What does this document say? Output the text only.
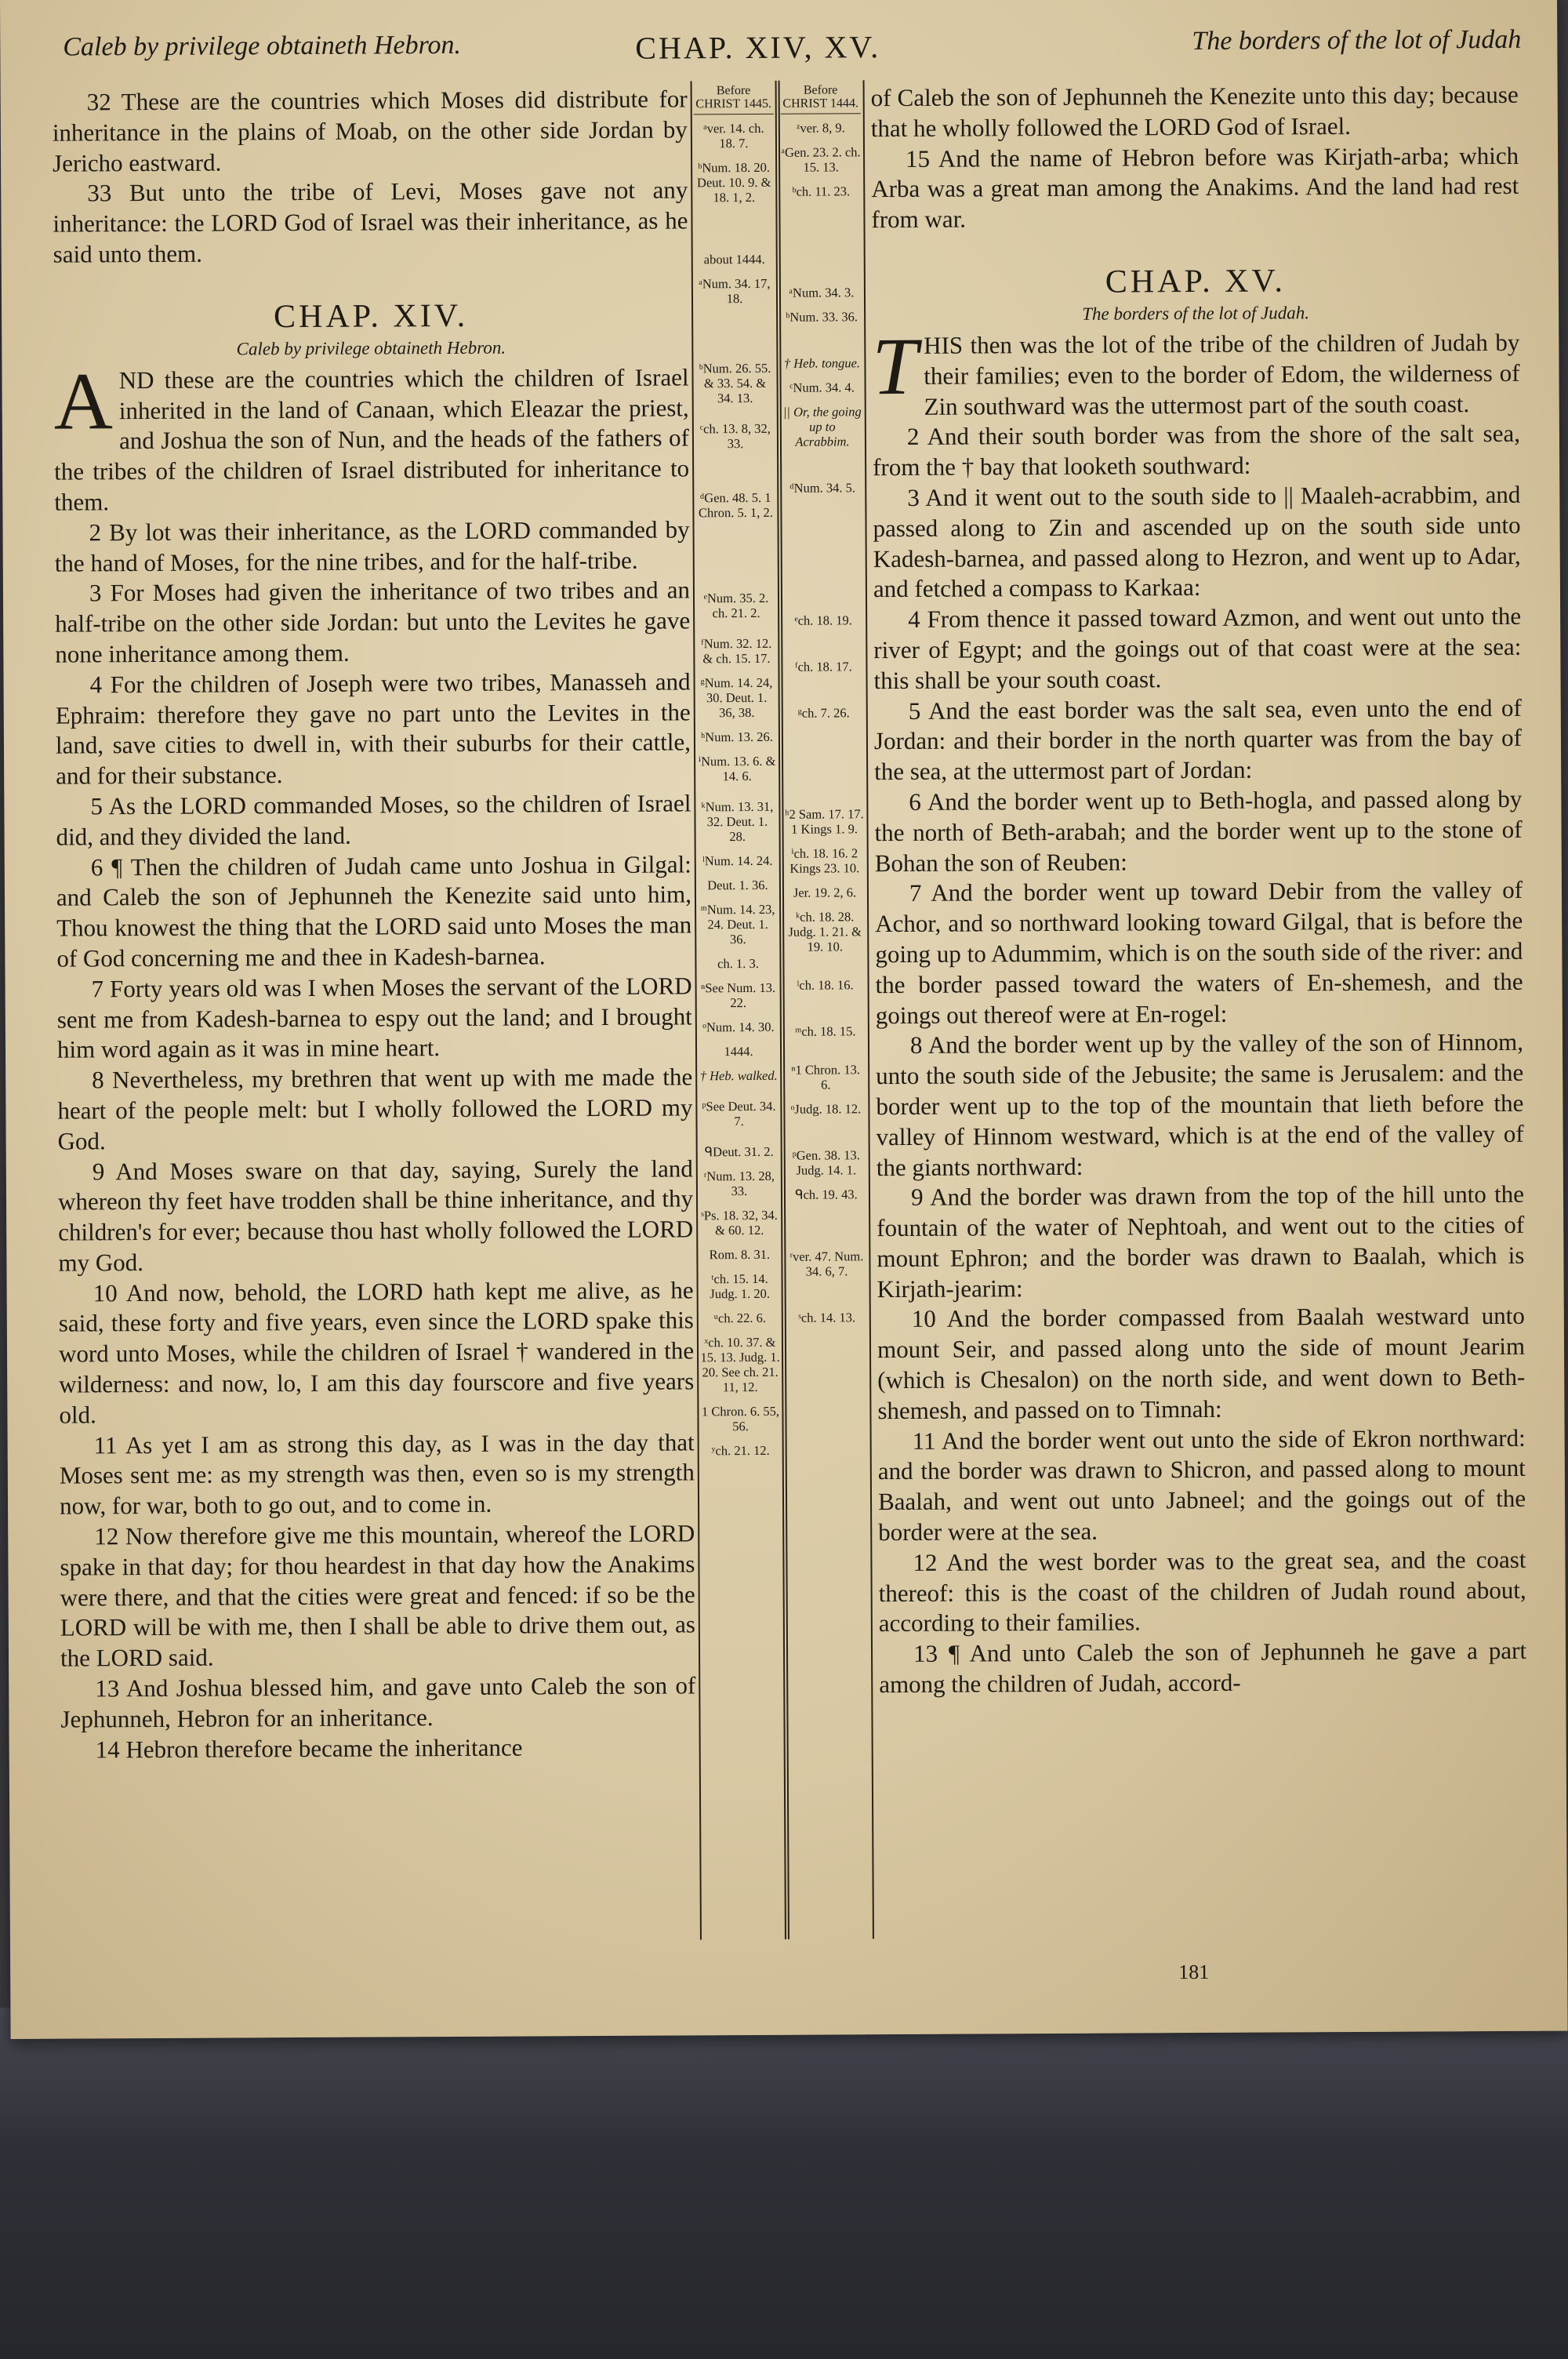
Caleb by privilege obtaineth Hebron.	CHAP. XIV, XV.	The borders of the lot of Judah

32 These are the countries which Moses did distribute for inheritance in the plains of Moab, on the other side Jordan by Jericho eastward.

33 But unto the tribe of Levi, Moses gave not any inheritance: the LORD God of Israel was their inheritance, as he said unto them.

CHAP. XIV.
Caleb by privilege obtaineth Hebron.

AND these are the countries which the children of Israel inherited in the land of Canaan, which Eleazar the priest, and Joshua the son of Nun, and the heads of the fathers of the tribes of the children of Israel distributed for inheritance to them.

2 By lot was their inheritance, as the LORD commanded by the hand of Moses, for the nine tribes, and for the half-tribe.

3 For Moses had given the inheritance of two tribes and an half-tribe on the other side Jordan: but unto the Levites he gave none inheritance among them.

4 For the children of Joseph were two tribes, Manasseh and Ephraim: therefore they gave no part unto the Levites in the land, save cities to dwell in, with their suburbs for their cattle, and for their substance.

5 As the LORD commanded Moses, so the children of Israel did, and they divided the land.

6 ¶ Then the children of Judah came unto Joshua in Gilgal: and Caleb the son of Jephunneh the Kenezite said unto him, Thou knowest the thing that the LORD said unto Moses the man of God concerning me and thee in Kadesh-barnea.

7 Forty years old was I when Moses the servant of the LORD sent me from Kadesh-barnea to espy out the land; and I brought him word again as it was in mine heart.

8 Nevertheless, my brethren that went up with me made the heart of the people melt: but I wholly followed the LORD my God.

9 And Moses sware on that day, saying, Surely the land whereon thy feet have trodden shall be thine inheritance, and thy children's for ever; because thou hast wholly followed the LORD my God.

10 And now, behold, the LORD hath kept me alive, as he said, these forty and five years, even since the LORD spake this word unto Moses, while the children of Israel † wandered in the wilderness: and now, lo, I am this day fourscore and five years old.

11 As yet I am as strong this day, as I was in the day that Moses sent me: as my strength was then, even so is my strength now, for war, both to go out, and to come in.

12 Now therefore give me this mountain, whereof the LORD spake in that day; for thou heardest in that day how the Anakims were there, and that the cities were great and fenced: if so be the LORD will be with me, then I shall be able to drive them out, as the LORD said.

13 And Joshua blessed him, and gave unto Caleb the son of Jephunneh, Hebron for an inheritance.

14 Hebron therefore became the inheritance

Before CHRIST 1445.
ᵃver. 14. ch. 18. 7.
ᵇNum. 18. 20. Deut. 10. 9. & 18. 1, 2.
about 1444.
ᵃNum. 34. 17, 18.
ᵇNum. 26. 55. & 33. 54. & 34. 13.
ᶜch. 13. 8, 32, 33.
ᵈGen. 48. 5. 1 Chron. 5. 1, 2.
ᵉNum. 35. 2. ch. 21. 2.
ᶠNum. 32. 12. & ch. 15. 17.
ᵍNum. 14. 24, 30. Deut. 1. 36, 38.
ʰNum. 13. 26.
ⁱNum. 13. 6. & 14. 6.
ᵏNum. 13. 31, 32. Deut. 1. 28.
ˡNum. 14. 24.
Deut. 1. 36.
ᵐNum. 14. 23, 24. Deut. 1. 36.
ch. 1. 3.
ⁿSee Num. 13. 22.
ᵒNum. 14. 30.
1444.
† Heb. walked.
ᵖSee Deut. 34. 7.
ᑫDeut. 31. 2.
ʳNum. 13. 28, 33.
ˢPs. 18. 32, 34. & 60. 12.
Rom. 8. 31.
ᵗch. 15. 14. Judg. 1. 20.
ᵘch. 22. 6.
ˣch. 10. 37. & 15. 13. Judg. 1. 20. See ch. 21. 11, 12.
1 Chron. 6. 55, 56.
ʸch. 21. 12.
Before CHRIST 1444.
ᶻver. 8, 9.
ᵃGen. 23. 2. ch. 15. 13.
ᵇch. 11. 23.
ᵃNum. 34. 3.
ᵇNum. 33. 36.
† Heb. tongue.
ᶜNum. 34. 4.
|| Or, the going up to Acrabbim.
ᵈNum. 34. 5.
ᵉch. 18. 19.
ᶠch. 18. 17.
ᵍch. 7. 26.
ʰ2 Sam. 17. 17. 1 Kings 1. 9.
ⁱch. 18. 16. 2 Kings 23. 10.
Jer. 19. 2, 6.
ᵏch. 18. 28. Judg. 1. 21. & 19. 10.
ˡch. 18. 16.
ᵐch. 18. 15.
ⁿ1 Chron. 13. 6.
ᵒJudg. 18. 12.
ᵖGen. 38. 13. Judg. 14. 1.
ᑫch. 19. 43.
ʳver. 47. Num. 34. 6, 7.
ˢch. 14. 13.

of Caleb the son of Jephunneh the Kenezite unto this day; because that he wholly followed the LORD God of Israel.

15 And the name of Hebron before was Kirjath-arba; which Arba was a great man among the Anakims. And the land had rest from war.

CHAP. XV.
The borders of the lot of Judah.

THIS then was the lot of the tribe of the children of Judah by their families; even to the border of Edom, the wilderness of Zin southward was the uttermost part of the south coast.

2 And their south border was from the shore of the salt sea, from the † bay that looketh southward:

3 And it went out to the south side to || Maaleh-acrabbim, and passed along to Zin and ascended up on the south side unto Kadesh-barnea, and passed along to Hezron, and went up to Adar, and fetched a compass to Karkaa:

4 From thence it passed toward Azmon, and went out unto the river of Egypt; and the goings out of that coast were at the sea: this shall be your south coast.

5 And the east border was the salt sea, even unto the end of Jordan: and their border in the north quarter was from the bay of the sea, at the uttermost part of Jordan:

6 And the border went up to Beth-hogla, and passed along by the north of Beth-arabah; and the border went up to the stone of Bohan the son of Reuben:

7 And the border went up toward Debir from the valley of Achor, and so northward looking toward Gilgal, that is before the going up to Adummim, which is on the south side of the river: and the border passed toward the waters of En-shemesh, and the goings out thereof were at En-rogel:

8 And the border went up by the valley of the son of Hinnom, unto the south side of the Jebusite; the same is Jerusalem: and the border went up to the top of the mountain that lieth before the valley of Hinnom westward, which is at the end of the valley of the giants northward:

9 And the border was drawn from the top of the hill unto the fountain of the water of Nephtoah, and went out to the cities of mount Ephron; and the border was drawn to Baalah, which is Kirjath-jearim:

10 And the border compassed from Baalah westward unto mount Seir, and passed along unto the side of mount Jearim (which is Chesalon) on the north side, and went down to Beth-shemesh, and passed on to Timnah:

11 And the border went out unto the side of Ekron northward: and the border was drawn to Shicron, and passed along to mount Baalah, and went out unto Jabneel; and the goings out of the border were at the sea.

12 And the west border was to the great sea, and the coast thereof: this is the coast of the children of Judah round about, according to their families.

13 ¶ And unto Caleb the son of Jephunneh he gave a part among the children of Judah, accord-

181
